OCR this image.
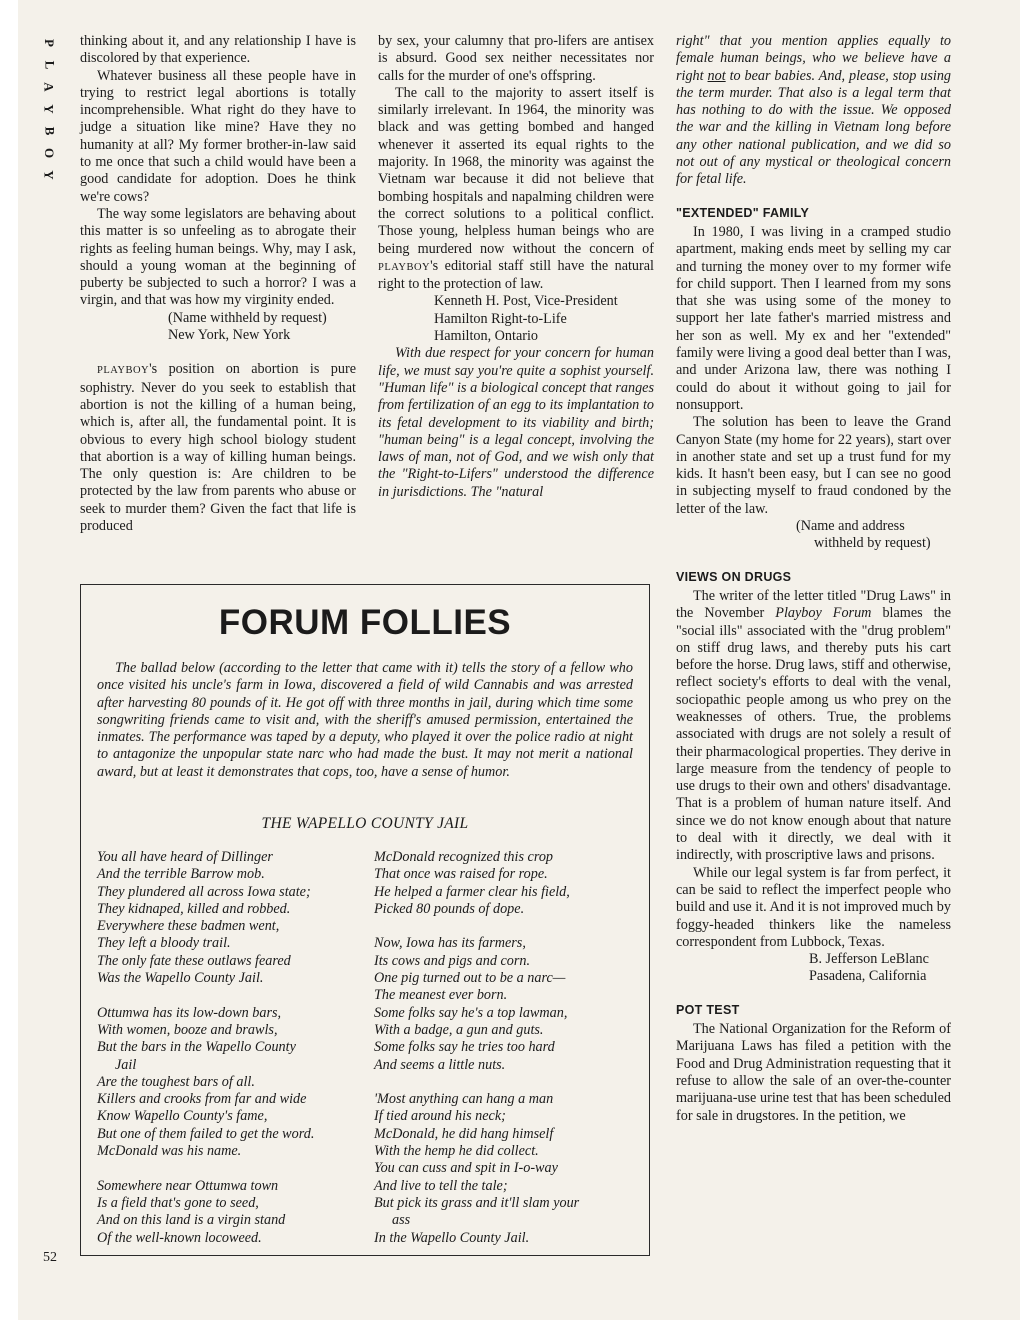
P
L
A
Y
B
O
Y

thinking about it, and any relationship I have is discolored by that experience.

Whatever business all these people have in trying to restrict legal abortions is totally incomprehensible. What right do they have to judge a situation like mine? Have they no humanity at all? My former brother-in-law said to me once that such a child would have been a good candidate for adoption. Does he think we're cows?

The way some legislators are behaving about this matter is so unfeeling as to abrogate their rights as feeling human beings. Why, may I ask, should a young woman at the beginning of puberty be subjected to such a horror? I was a virgin, and that was how my virginity ended.

(Name withheld by request)
New York, New York

PLAYBOY's position on abortion is pure sophistry. Never do you seek to establish that abortion is not the killing of a human being, which is, after all, the fundamental point. It is obvious to every high school biology student that abortion is a way of killing human beings. The only question is: Are children to be protected by the law from parents who abuse or seek to murder them? Given the fact that life is produced

by sex, your calumny that pro-lifers are antisex is absurd. Good sex neither necessitates nor calls for the murder of one's offspring.

The call to the majority to assert itself is similarly irrelevant. In 1964, the minority was black and was getting bombed and hanged whenever it asserted its equal rights to the majority. In 1968, the minority was against the Vietnam war because it did not believe that bombing hospitals and napalming children were the correct solutions to a political conflict. Those young, helpless human beings who are being murdered now without the concern of PLAYBOY's editorial staff still have the natural right to the protection of law.

Kenneth H. Post, Vice-President
Hamilton Right-to-Life
Hamilton, Ontario

With due respect for your concern for human life, we must say you're quite a sophist yourself. "Human life" is a biological concept that ranges from fertilization of an egg to its implantation to its fetal development to its viability and birth; "human being" is a legal concept, involving the laws of man, not of God, and we wish only that the "Right-to-Lifers" understood the difference in jurisdictions. The "natural

right" that you mention applies equally to female human beings, who we believe have a right not to bear babies. And, please, stop using the term murder. That also is a legal term that has nothing to do with the issue. We opposed the war and the killing in Vietnam long before any other national publication, and we did so not out of any mystical or theological concern for fetal life.

"EXTENDED" FAMILY

In 1980, I was living in a cramped studio apartment, making ends meet by selling my car and turning the money over to my former wife for child support. Then I learned from my sons that she was using some of the money to support her late father's married mistress and her son as well. My ex and her "extended" family were living a good deal better than I was, and under Arizona law, there was nothing I could do about it without going to jail for nonsupport.

The solution has been to leave the Grand Canyon State (my home for 22 years), start over in another state and set up a trust fund for my kids. It hasn't been easy, but I can see no good in subjecting myself to fraud condoned by the letter of the law.

(Name and address
withheld by request)

VIEWS ON DRUGS

The writer of the letter titled "Drug Laws" in the November Playboy Forum blames the "social ills" associated with the "drug problem" on stiff drug laws, and thereby puts his cart before the horse. Drug laws, stiff and otherwise, reflect society's efforts to deal with the venal, sociopathic people among us who prey on the weaknesses of others. True, the problems associated with drugs are not solely a result of their pharmacological properties. They derive in large measure from the tendency of people to use drugs to their own and others' disadvantage. That is a problem of human nature itself. And since we do not know enough about that nature to deal with it directly, we deal with it indirectly, with proscriptive laws and prisons.

While our legal system is far from perfect, it can be said to reflect the imperfect people who build and use it. And it is not improved much by foggy-headed thinkers like the nameless correspondent from Lubbock, Texas.

B. Jefferson LeBlanc
Pasadena, California

POT TEST

The National Organization for the Reform of Marijuana Laws has filed a petition with the Food and Drug Administration requesting that it refuse to allow the sale of an over-the-counter marijuana-use urine test that has been scheduled for sale in drugstores. In the petition, we

FORUM FOLLIES

The ballad below (according to the letter that came with it) tells the story of a fellow who once visited his uncle's farm in Iowa, discovered a field of wild Cannabis and was arrested after harvesting 80 pounds of it. He got off with three months in jail, during which time some songwriting friends came to visit and, with the sheriff's amused permission, entertained the inmates. The performance was taped by a deputy, who played it over the police radio at night to antagonize the unpopular state narc who had made the bust. It may not merit a national award, but at least it demonstrates that cops, too, have a sense of humor.

THE WAPELLO COUNTY JAIL

You all have heard of Dillinger
And the terrible Barrow mob.
They plundered all across Iowa state;
They kidnaped, killed and robbed.
Everywhere these badmen went,
They left a bloody trail.
The only fate these outlaws feared
Was the Wapello County Jail.
Ottumwa has its low-down bars,
With women, booze and brawls,
But the bars in the Wapello County
Jail
Are the toughest bars of all.
Killers and crooks from far and wide
Know Wapello County's fame,
But one of them failed to get the word.
McDonald was his name.
Somewhere near Ottumwa town
Is a field that's gone to seed,
And on this land is a virgin stand
Of the well-known locoweed.
McDonald recognized this crop
That once was raised for rope.
He helped a farmer clear his field,
Picked 80 pounds of dope.
Now, Iowa has its farmers,
Its cows and pigs and corn.
One pig turned out to be a narc—
The meanest ever born.
Some folks say he's a top lawman,
With a badge, a gun and guts.
Some folks say he tries too hard
And seems a little nuts.
'Most anything can hang a man
If tied around his neck;
McDonald, he did hang himself
With the hemp he did collect.
You can cuss and spit in I-o-way
And live to tell the tale;
But pick its grass and it'll slam your
ass
In the Wapello County Jail.
52
